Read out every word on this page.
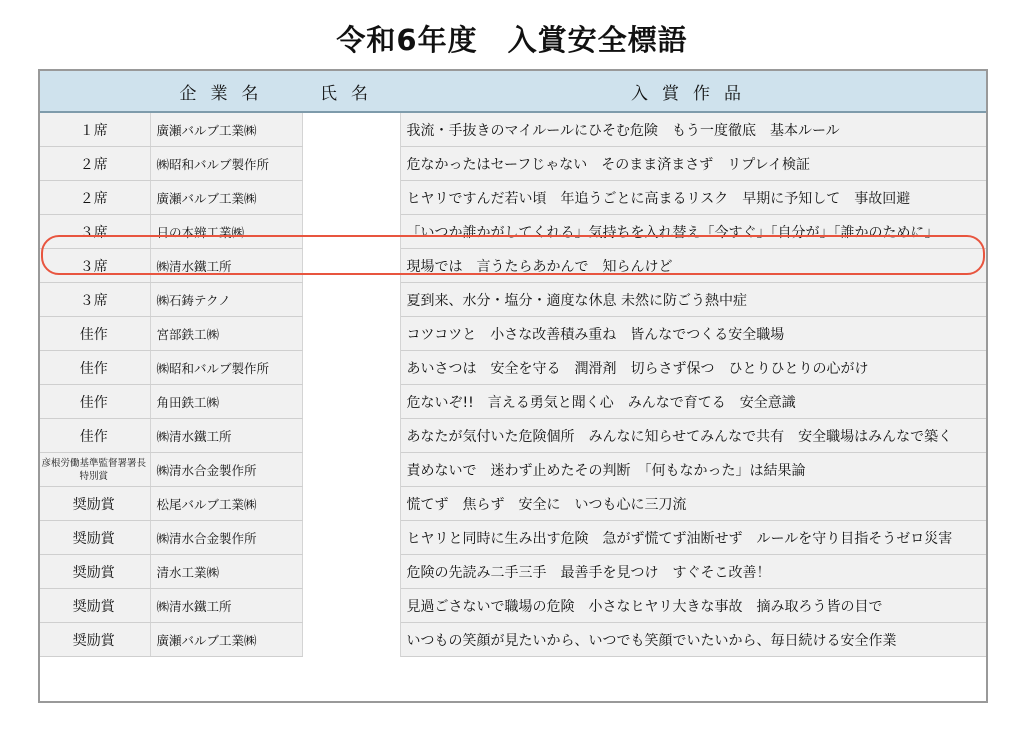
令和6年度　入賞安全標語
	企業名	氏名	入賞作品
１席	廣瀬バルブ工業㈱		我流・手抜きのマイルールにひそむ危険　もう一度徹底　基本ルール
２席	㈱昭和バルブ製作所		危なかったはセーフじゃない　そのまま済まさず　リプレイ検証
２席	廣瀬バルブ工業㈱		ヒヤリですんだ若い頃　年追うごとに高まるリスク　早期に予知して　事故回避
３席	日の本辨工業㈱		「いつか誰かがしてくれる」気持ちを入れ替え「今すぐ」「自分が」「誰かのために」
３席	㈱清水鐵工所		現場では　言うたらあかんで　知らんけど
３席	㈱石鋳テクノ		夏到来、水分・塩分・適度な休息 未然に防ごう熱中症
佳作	宮部鉄工㈱		コツコツと　小さな改善積み重ね　皆んなでつくる安全職場
佳作	㈱昭和バルブ製作所		あいさつは　安全を守る　潤滑剤　切らさず保つ　ひとりひとりの心がけ
佳作	角田鉄工㈱		危ないぞ!!　言える勇気と聞く心　みんなで育てる　安全意識
佳作	㈱清水鐵工所		あなたが気付いた危険個所　みんなに知らせてみんなで共有　安全職場はみんなで築く
彦根労働基準監督署署長特別賞	㈱清水合金製作所		責めないで　迷わず止めたその判断　「何もなかった」は結果論
奨励賞	松尾バルブ工業㈱		慌てず　焦らず　安全に　いつも心に三刀流
奨励賞	㈱清水合金製作所		ヒヤリと同時に生み出す危険　急がず慌てず油断せず　ルールを守り目指そうゼロ災害
奨励賞	清水工業㈱		危険の先読み二手三手　最善手を見つけ　すぐそこ改善！
奨励賞	㈱清水鐵工所		見過ごさないで職場の危険　小さなヒヤリ大きな事故　摘み取ろう皆の目で
奨励賞	廣瀬バルブ工業㈱		いつもの笑顔が見たいから、いつでも笑顔でいたいから、毎日続ける安全作業
